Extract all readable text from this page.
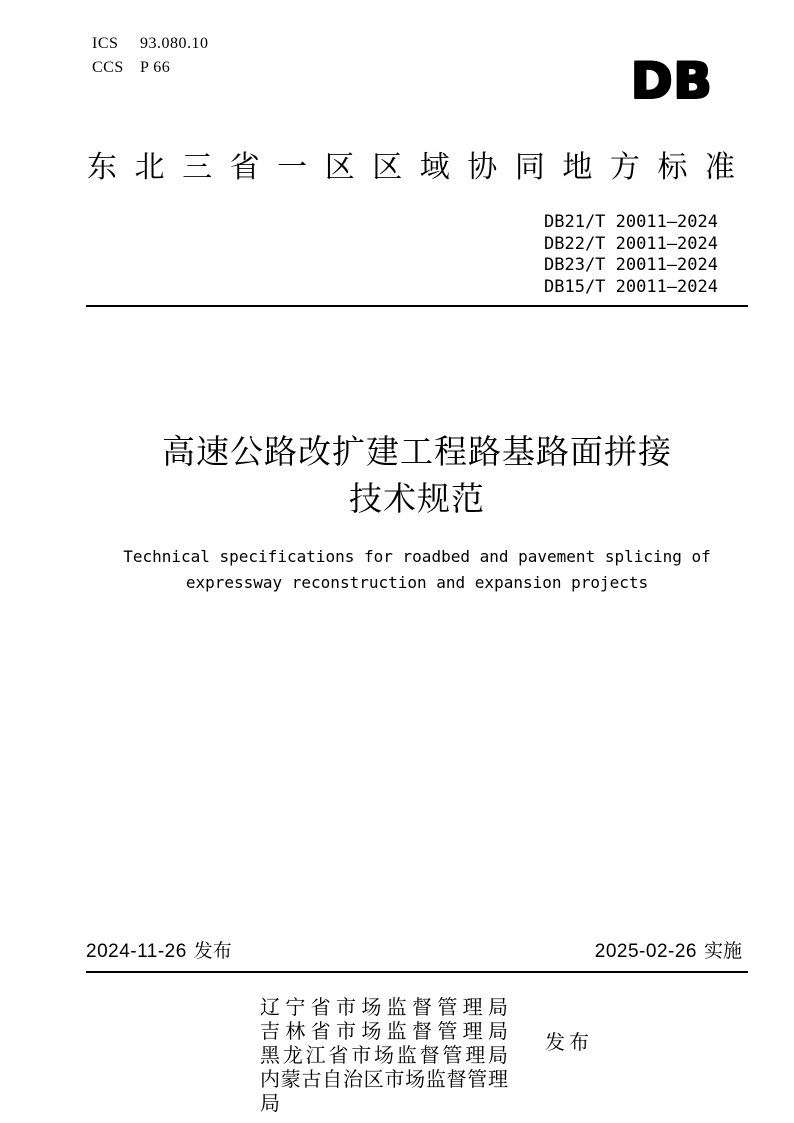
ICS 93.080.10
CCS P 66	DB
东北三省一区区域协同地方标准
DB21/T 20011—2024
DB22/T 20011—2024
DB23/T 20011—2024
DB15/T 20011—2024
高速公路改扩建工程路基路面拼接
技术规范
Technical specifications for roadbed and pavement splicing of
expressway reconstruction and expansion projects
2024-11-26 发布	2025-02-26 实施
辽宁省市场监督管理局
吉林省市场监督管理局
黑龙江省市场监督管理局
内蒙古自治区市场监督管理局
发布
